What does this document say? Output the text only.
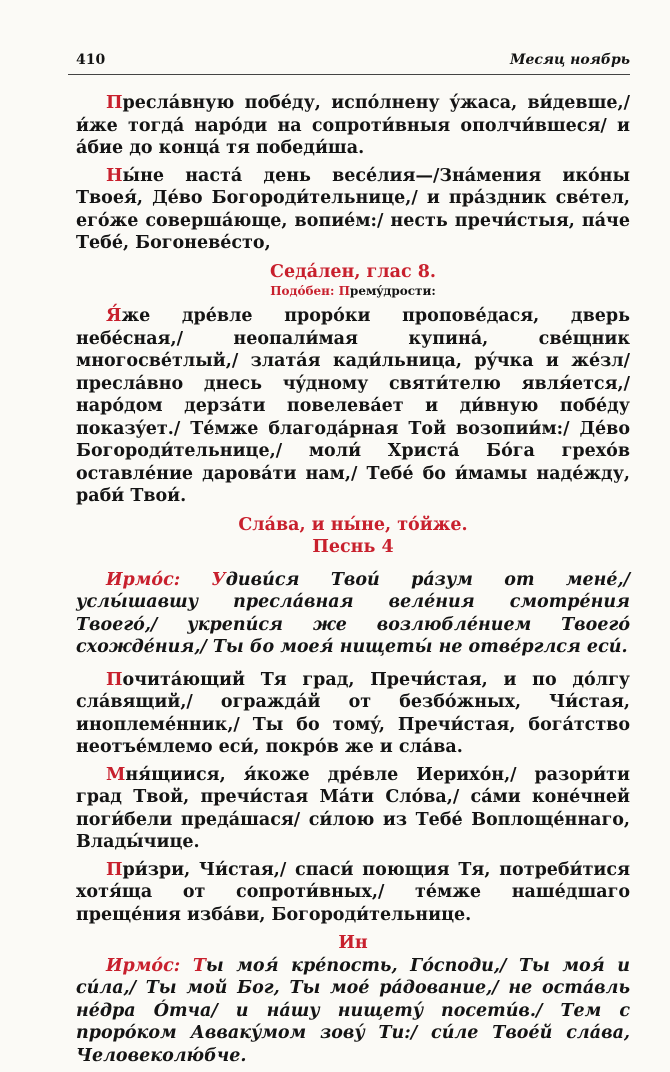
410	Месяц ноябрь

Преслáвную побéду, испóлнену ýжаса, ви́девше,/ и́же тогдá нарóди на сопроти́вныя ополчи́вшеся/ и áбие до концá тя победи́ша.

Ны́не настá день весéлия—/Знáмения икóны Твоея́, Дéво Богороди́тельнице,/ и прáздник свéтел, егóже совершáюще, вопиéм:/ несть пречи́стыя, пáче Тебé, Богоневéсто,

Седáлен, глас 8.
Подóбен: Премýдрости:

Я́же дрéвле прорóки проповéдася, дверь небéсная,/ неопали́мая купинá, свéщник многосвéтлый,/ златáя кади́льница, рýчка и жéзл/ преслáвно днесь чýдному святи́телю явля́ется,/ нарóдом дерзáти повелевáет и ди́вную побéду показýет./ Тéмже благодáрная Той возопии́м:/ Дéво Богороди́тельнице,/ моли́ Христá Бóга грехóв оставлéние даровáти нам,/ Тебé бо и́мамы надéжду, раби́ Твои́.

Слáва, и ны́не, тóйже.
Песнь 4

Ирмóс: Удиви́ся Твои́ рáзум от менé,/ услы́шавшу преслáвная велéния смотрéния Твоегó,/ укрепи́ся же возлюблéнием Твоегó схождéния,/ Ты бо моея́ нищеты́ не отвéрглся еси́.

Почитáющий Тя град, Пречи́стая, и по дóлгу слáвящий,/ ограждáй от безбóжных, Чи́стая, иноплемéнник,/ Ты бо томý, Пречи́стая, богáтство неотъéмлемо еси́, покрóв же и слáва.

Мня́щиися, я́коже дрéвле Иерихóн,/ разори́ти град Твой, пречи́стая Мáти Слóва,/ сáми конéчней поги́бели предáшася/ си́лою из Тебé Воплощéннаго, Влады́чице.

При́зри, Чи́стая,/ спаси́ поющия Тя, потреби́тися хотя́ща от сопроти́вных,/ тéмже нашéдшаго прещéния избáви, Богороди́тельнице.

Ин

Ирмóс: Ты моя́ крéпость, Гóсподи,/ Ты моя́ и си́ла,/ Ты мой Бог, Ты моé рáдование,/ не остáвль нéдра Óтча/ и нáшу нищетý посети́в./ Тем с прорóком Аввакýмом зовý Ти:/ си́ле Твоéй слáва, Человеколю́бче.
